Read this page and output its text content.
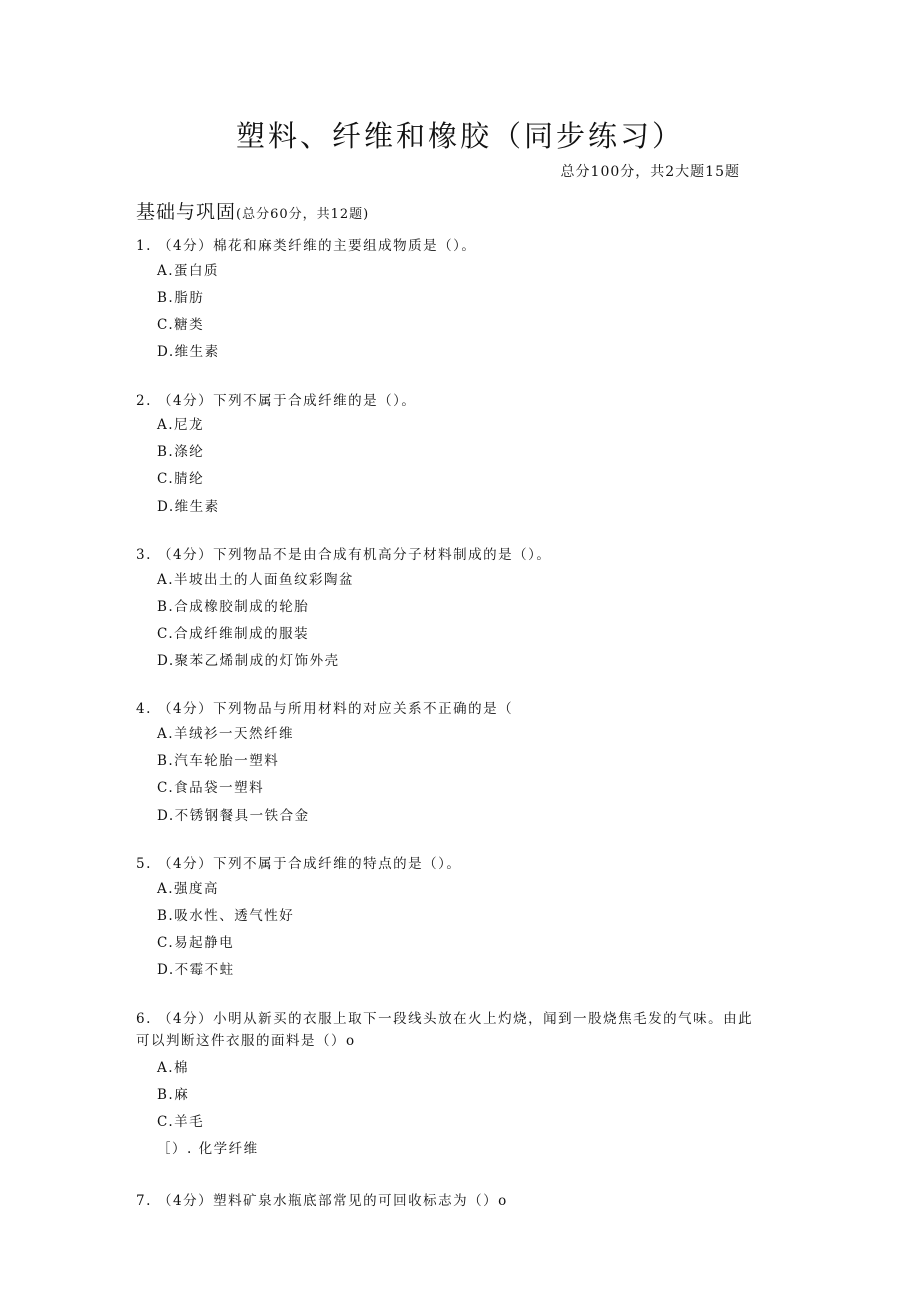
塑料、纤维和橡胶（同步练习）
总分100分，共2大题15题
基础与巩固(总分60分，共12题)
1. （4分）棉花和麻类纤维的主要组成物质是（）。
A.蛋白质
B.脂肪
C.糖类
D.维生素
2. （4分）下列不属于合成纤维的是（）。
A.尼龙
B.涤纶
C.腈纶
D.维生素
3. （4分）下列物品不是由合成有机高分子材料制成的是（）。
A.半坡出土的人面鱼纹彩陶盆
B.合成橡胶制成的轮胎
C.合成纤维制成的服装
D.聚苯乙烯制成的灯饰外壳
4. （4分）下列物品与所用材料的对应关系不正确的是（
A.羊绒衫一天然纤维
B.汽车轮胎一塑料
C.食品袋一塑料
D.不锈钢餐具一铁合金
5. （4分）下列不属于合成纤维的特点的是（）。
A.强度高
B.吸水性、透气性好
C.易起静电
D.不霉不蛀
6. （4分）小明从新买的衣服上取下一段线头放在火上灼烧，闻到一股烧焦毛发的气味。由此
可以判断这件衣服的面料是（）o
A.棉
B.麻
C.羊毛
［）. 化学纤维
7. （4分）塑料矿泉水瓶底部常见的可回收标志为（）o
